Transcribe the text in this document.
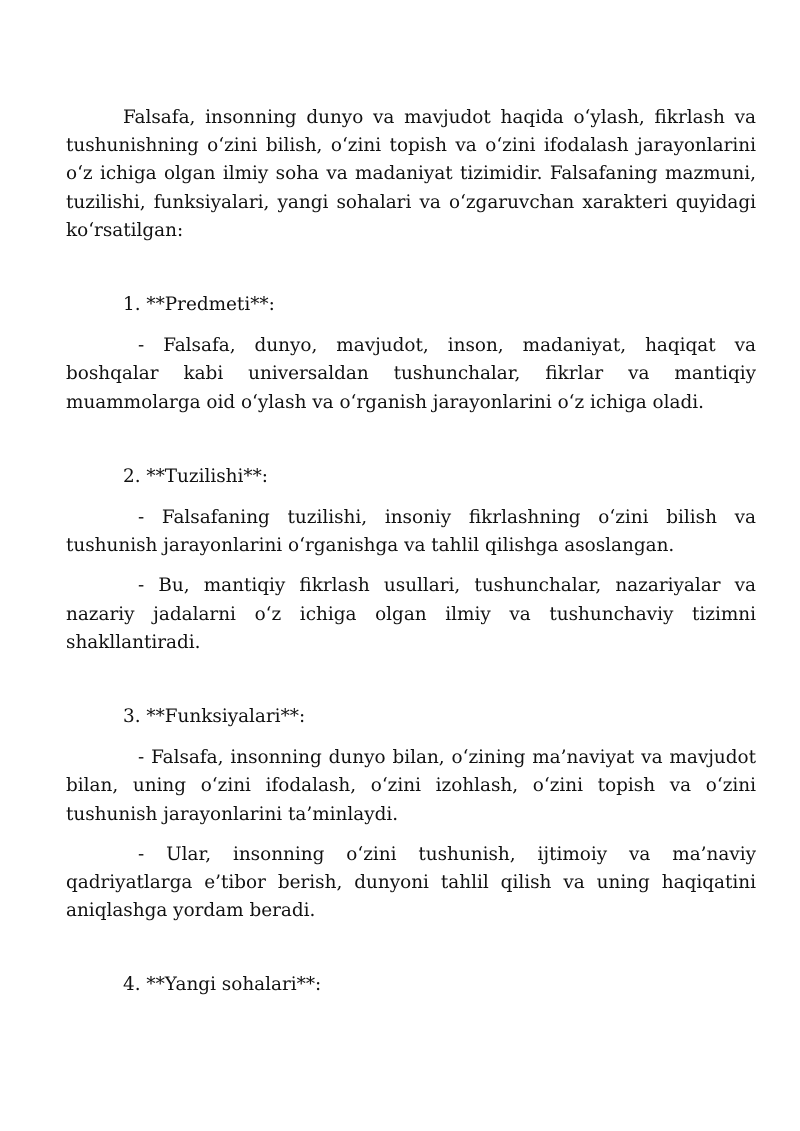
Falsafa, insonning dunyo va mavjudot haqida o‘ylash, fikrlash va tushunishning o‘zini bilish, o‘zini topish va o‘zini ifodalash jarayonlarini o‘z ichiga olgan ilmiy soha va madaniyat tizimidir. Falsafaning mazmuni, tuzilishi, funksiyalari, yangi sohalari va o‘zgaruvchan xarakteri quyidagi ko‘rsatilgan:

1. **Predmeti**:

- Falsafa, dunyo, mavjudot, inson, madaniyat, haqiqat va boshqalar kabi universaldan tushunchalar, fikrlar va mantiqiy muammolarga oid o‘ylash va o‘rganish jarayonlarini o‘z ichiga oladi.

2. **Tuzilishi**:

- Falsafaning tuzilishi, insoniy fikrlashning o‘zini bilish va tushunish jarayonlarini o‘rganishga va tahlil qilishga asoslangan.

- Bu, mantiqiy fikrlash usullari, tushunchalar, nazariyalar va nazariy jadalarni o‘z ichiga olgan ilmiy va tushunchaviy tizimni shakllantiradi.

3. **Funksiyalari**:

- Falsafa, insonning dunyo bilan, o‘zining ma’naviyat va mavjudot bilan, uning o‘zini ifodalash, o‘zini izohlash, o‘zini topish va o‘zini tushunish jarayonlarini ta’minlaydi.

- Ular, insonning o‘zini tushunish, ijtimoiy va ma’naviy qadriyatlarga e’tibor berish, dunyoni tahlil qilish va uning haqiqatini aniqlashga yordam beradi.

4. **Yangi sohalari**:
